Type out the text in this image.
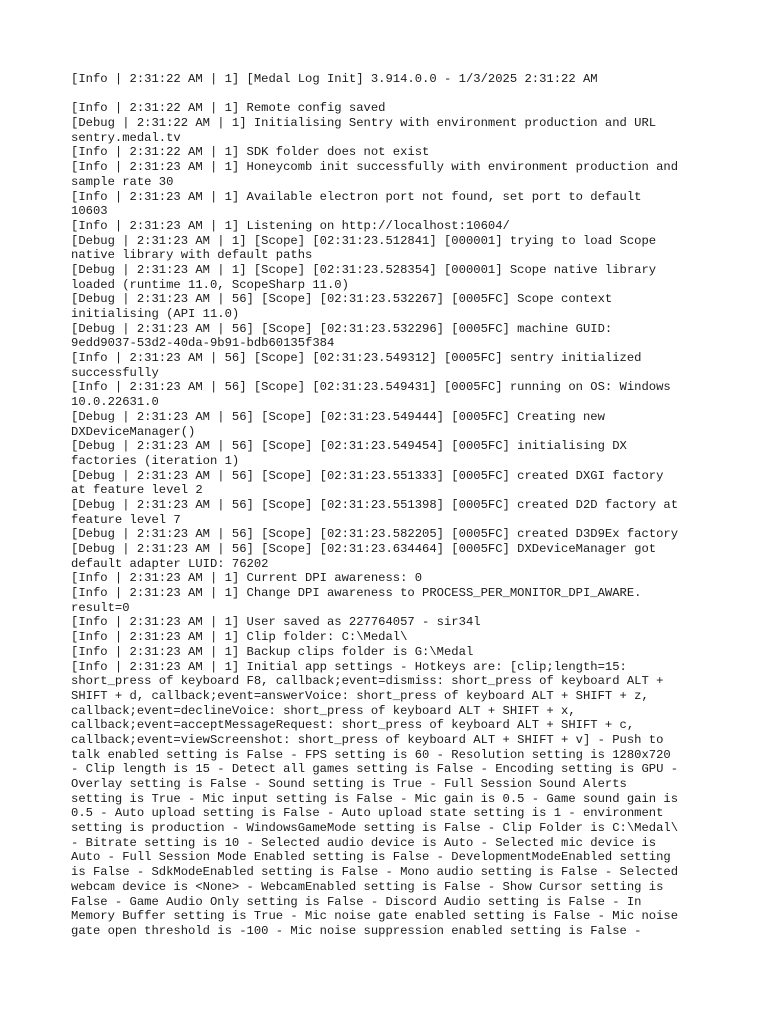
[Info | 2:31:22 AM | 1] [Medal Log Init] 3.914.0.0 - 1/3/2025 2:31:22 AM

[Info | 2:31:22 AM | 1] Remote config saved
[Debug | 2:31:22 AM | 1] Initialising Sentry with environment production and URL
sentry.medal.tv
[Info | 2:31:22 AM | 1] SDK folder does not exist
[Info | 2:31:23 AM | 1] Honeycomb init successfully with environment production and
sample rate 30
[Info | 2:31:23 AM | 1] Available electron port not found, set port to default
10603
[Info | 2:31:23 AM | 1] Listening on http://localhost:10604/
[Debug | 2:31:23 AM | 1] [Scope] [02:31:23.512841] [000001] trying to load Scope
native library with default paths
[Debug | 2:31:23 AM | 1] [Scope] [02:31:23.528354] [000001] Scope native library
loaded (runtime 11.0, ScopeSharp 11.0)
[Debug | 2:31:23 AM | 56] [Scope] [02:31:23.532267] [0005FC] Scope context
initialising (API 11.0)
[Debug | 2:31:23 AM | 56] [Scope] [02:31:23.532296] [0005FC] machine GUID:
9edd9037-53d2-40da-9b91-bdb60135f384
[Info | 2:31:23 AM | 56] [Scope] [02:31:23.549312] [0005FC] sentry initialized
successfully
[Info | 2:31:23 AM | 56] [Scope] [02:31:23.549431] [0005FC] running on OS: Windows
10.0.22631.0
[Debug | 2:31:23 AM | 56] [Scope] [02:31:23.549444] [0005FC] Creating new
DXDeviceManager()
[Debug | 2:31:23 AM | 56] [Scope] [02:31:23.549454] [0005FC] initialising DX
factories (iteration 1)
[Debug | 2:31:23 AM | 56] [Scope] [02:31:23.551333] [0005FC] created DXGI factory
at feature level 2
[Debug | 2:31:23 AM | 56] [Scope] [02:31:23.551398] [0005FC] created D2D factory at
feature level 7
[Debug | 2:31:23 AM | 56] [Scope] [02:31:23.582205] [0005FC] created D3D9Ex factory
[Debug | 2:31:23 AM | 56] [Scope] [02:31:23.634464] [0005FC] DXDeviceManager got
default adapter LUID: 76202
[Info | 2:31:23 AM | 1] Current DPI awareness: 0
[Info | 2:31:23 AM | 1] Change DPI awareness to PROCESS_PER_MONITOR_DPI_AWARE.
result=0
[Info | 2:31:23 AM | 1] User saved as 227764057 - sir34l
[Info | 2:31:23 AM | 1] Clip folder: C:\Medal\
[Info | 2:31:23 AM | 1] Backup clips folder is G:\Medal
[Info | 2:31:23 AM | 1] Initial app settings - Hotkeys are: [clip;length=15:
short_press of keyboard F8, callback;event=dismiss: short_press of keyboard ALT +
SHIFT + d, callback;event=answerVoice: short_press of keyboard ALT + SHIFT + z,
callback;event=declineVoice: short_press of keyboard ALT + SHIFT + x,
callback;event=acceptMessageRequest: short_press of keyboard ALT + SHIFT + c,
callback;event=viewScreenshot: short_press of keyboard ALT + SHIFT + v] - Push to
talk enabled setting is False - FPS setting is 60 - Resolution setting is 1280x720
- Clip length is 15 - Detect all games setting is False - Encoding setting is GPU -
Overlay setting is False - Sound setting is True - Full Session Sound Alerts
setting is True - Mic input setting is False - Mic gain is 0.5 - Game sound gain is
0.5 - Auto upload setting is False - Auto upload state setting is 1 - environment
setting is production - WindowsGameMode setting is False - Clip Folder is C:\Medal\
- Bitrate setting is 10 - Selected audio device is Auto - Selected mic device is
Auto - Full Session Mode Enabled setting is False - DevelopmentModeEnabled setting
is False - SdkModeEnabled setting is False - Mono audio setting is False - Selected
webcam device is <None> - WebcamEnabled setting is False - Show Cursor setting is
False - Game Audio Only setting is False - Discord Audio setting is False - In
Memory Buffer setting is True - Mic noise gate enabled setting is False - Mic noise
gate open threshold is -100 - Mic noise suppression enabled setting is False -
